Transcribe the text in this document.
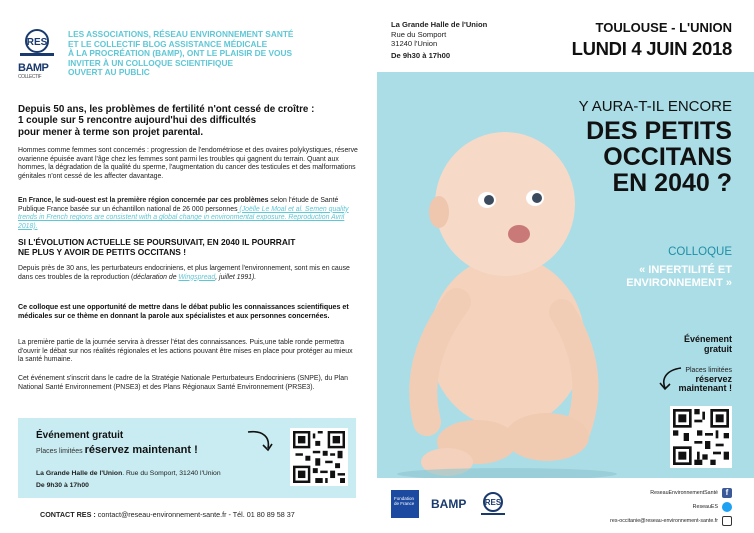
RES
BAMP
COLLECTIF
LES ASSOCIATIONS, RÉSEAU ENVIRONNEMENT SANTÉ
ET LE COLLECTIF BLOG ASSISTANCE MÉDICALE
À LA PROCRÉATION (BAMP), ONT LE PLAISIR DE VOUS
INVITER À UN COLLOQUE SCIENTIFIQUE
OUVERT AU PUBLIC
Depuis 50 ans, les problèmes de fertilité n'ont cessé de croître :
1 couple sur 5 rencontre aujourd'hui des difficultés
pour mener à terme son projet parental.
Hommes comme femmes sont concernés : progression de l'endométriose et des ovaires polykystiques, réserve ovarienne épuisée avant l'âge chez les femmes sont parmi les troubles qui gagnent du terrain. Quant aux hommes, la dégradation de la qualité du sperme, l'augmentation du cancer des testicules et des malformations génitales n'ont cessé de les affecter davantage.
En France, le sud-ouest est la première région concernée par ces problèmes selon l'étude de Santé Publique France basée sur un échantillon national de 26 000 personnes (Joëlle Le Moal et al. Semen quality trends in French regions are consistent with a global change in environmental exposure. Reproduction Avril 2018).
SI L'ÉVOLUTION ACTUELLE SE POURSUIVAIT, EN 2040 IL POURRAIT
NE PLUS Y AVOIR DE PETITS OCCITANS !
Depuis près de 30 ans, les perturbateurs endocriniens, et plus largement l'environnement, sont mis en cause dans ces troubles de la reproduction (déclaration de Wingspread, juillet 1991).
Ce colloque est une opportunité de mettre dans le débat public les connaissances scientifiques et médicales sur ce thème en donnant la parole aux spécialistes et aux personnes concernées.
La première partie de la journée servira à dresser l'état des connaissances. Puis,une table ronde permettra d'ouvrir le débat sur nos réalités régionales et les actions pouvant être mises en place pour protéger au mieux la santé humaine.
Cet événement s'inscrit dans le cadre de la Stratégie Nationale Perturbateurs Endocriniens (SNPE), du Plan National Santé Environnement (PNSE3) et des Plans Régionaux Santé Environnement (PRSE3).
Événement gratuit
Places limitées réservez maintenant !
La Grande Halle de l'Union. Rue du Somport, 31240 l'Union
De 9h30 à 17h00
CONTACT RES : contact@reseau-environnement-sante.fr - Tél. 01 80 89 58 37
La Grande Halle de l'Union
Rue du Somport
31240 l'Union
De 9h30 à 17h00
TOULOUSE - L'UNION
LUNDI 4 JUIN 2018
Y AURA-T-IL ENCORE
DES PETITS
OCCITANS
EN 2040 ?
COLLOQUE
« INFERTILITÉ ET
ENVIRONNEMENT »
Événement
gratuit
Places limitées
réservez
maintenant !
Fondation de France	BAMP RES
ReseauEnvironnementSanté f
ReseauES
res-occitanie@reseau-environnement-sante.fr
